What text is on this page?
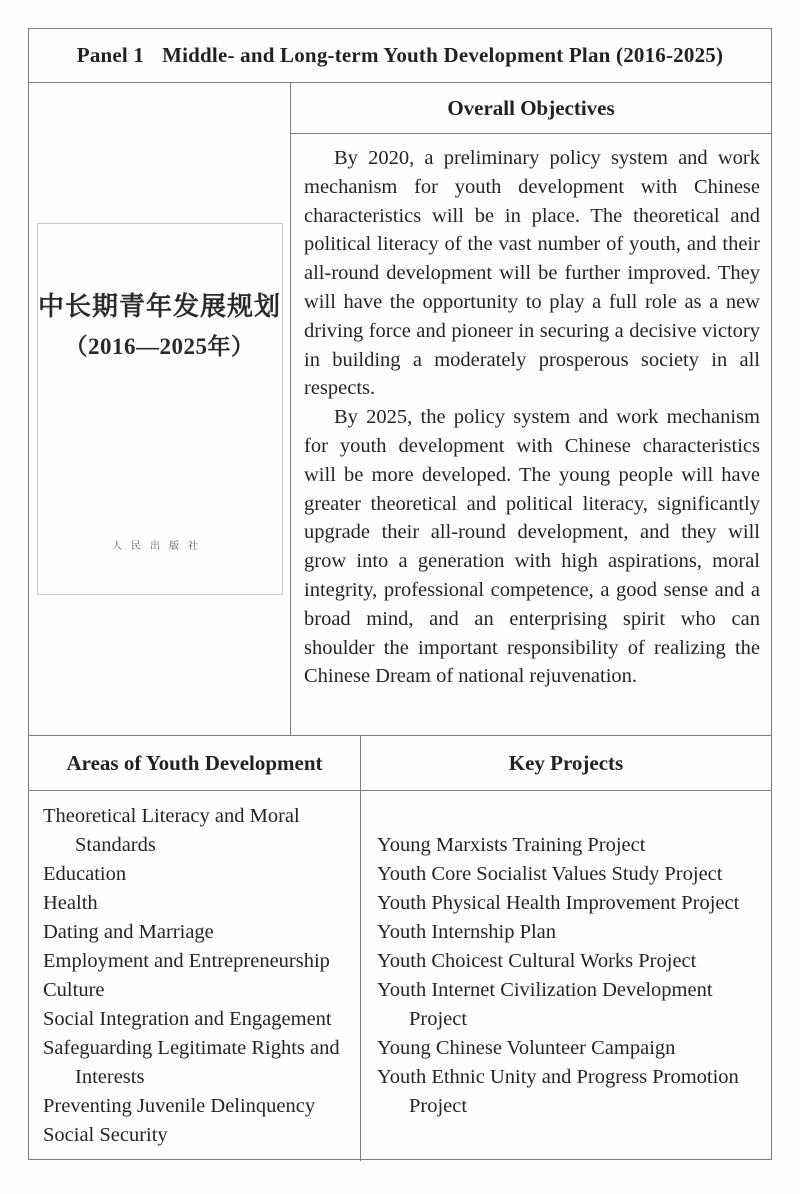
Panel 1 Middle- and Long-term Youth Development Plan (2016-2025)
中长期青年发展规划
（2016—2025年）
人民出版社
Overall Objectives

By 2020, a preliminary policy system and work mechanism for youth development with Chinese characteristics will be in place. The theoretical and political literacy of the vast number of youth, and their all-round development will be further improved. They will have the opportunity to play a full role as a new driving force and pioneer in securing a decisive victory in building a moderately prosperous society in all respects.

By 2025, the policy system and work mechanism for youth development with Chinese characteristics will be more developed. The young people will have greater theoretical and political literacy, significantly upgrade their all-round development, and they will grow into a generation with high aspirations, moral integrity, professional competence, a good sense and a broad mind, and an enterprising spirit who can shoulder the important responsibility of realizing the Chinese Dream of national rejuvenation.

Areas of Youth Development	Key Projects
Theoretical Literacy and Moral Standards
Education
Health
Dating and Marriage
Employment and Entrepreneurship
Culture
Social Integration and Engagement
Safeguarding Legitimate Rights and Interests
Preventing Juvenile Delinquency
Social Security
Young Marxists Training Project
Youth Core Socialist Values Study Project
Youth Physical Health Improvement Project
Youth Internship Plan
Youth Choicest Cultural Works Project
Youth Internet Civilization Development Project
Young Chinese Volunteer Campaign
Youth Ethnic Unity and Progress Promotion Project
